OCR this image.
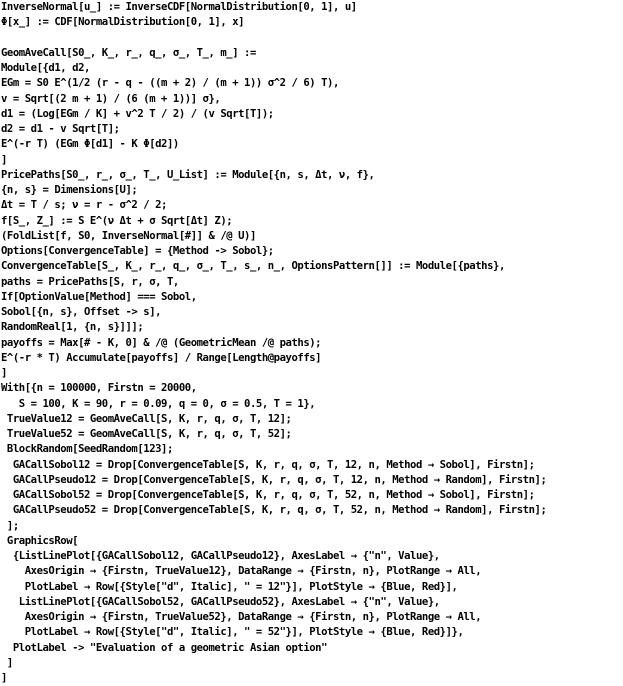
InverseNormal[u_] := InverseCDF[NormalDistribution[0, 1], u]
Φ[x_] := CDF[NormalDistribution[0, 1], x]
GeomAveCall[S0_, K_, r_, q_, σ_, T_, m_] :=
Module[{d1, d2,
EGm = S0 E^(1/2 (r - q - ((m + 2) / (m + 1)) σ^2 / 6) T),
v = Sqrt[(2 m + 1) / (6 (m + 1))] σ},
d1 = (Log[EGm / K] + v^2 T / 2) / (v Sqrt[T]);
d2 = d1 - v Sqrt[T];
E^(-r T) (EGm Φ[d1] - K Φ[d2])
]
PricePaths[S0_, r_, σ_, T_, U_List] := Module[{n, s, Δt, ν, f},
{n, s} = Dimensions[U];
Δt = T / s; ν = r - σ^2 / 2;
f[S_, Z_] := S E^(ν Δt + σ Sqrt[Δt] Z);
(FoldList[f, S0, InverseNormal[#]] & /@ U)]
Options[ConvergenceTable] = {Method -> Sobol};
ConvergenceTable[S_, K_, r_, q_, σ_, T_, s_, n_, OptionsPattern[]] := Module[{paths},
paths = PricePaths[S, r, σ, T,
If[OptionValue[Method] === Sobol,
Sobol[{n, s}, Offset -> s],
RandomReal[1, {n, s}]]];
payoffs = Max[# - K, 0] & /@ (GeometricMean /@ paths);
E^(-r * T) Accumulate[payoffs] / Range[Length@payoffs]
]
With[{n = 100000, Firstn = 20000,
S = 100, K = 90, r = 0.09, q = 0, σ = 0.5, T = 1},
TrueValue12 = GeomAveCall[S, K, r, q, σ, T, 12];
TrueValue52 = GeomAveCall[S, K, r, q, σ, T, 52];
BlockRandom[SeedRandom[123];
GACallSobol12 = Drop[ConvergenceTable[S, K, r, q, σ, T, 12, n, Method → Sobol], Firstn];
GACallPseudo12 = Drop[ConvergenceTable[S, K, r, q, σ, T, 12, n, Method → Random], Firstn];
GACallSobol52 = Drop[ConvergenceTable[S, K, r, q, σ, T, 52, n, Method → Sobol], Firstn];
GACallPseudo52 = Drop[ConvergenceTable[S, K, r, q, σ, T, 52, n, Method → Random], Firstn];
];
GraphicsRow[
{ListLinePlot[{GACallSobol12, GACallPseudo12}, AxesLabel → {"n", Value},
AxesOrigin → {Firstn, TrueValue12}, DataRange → {Firstn, n}, PlotRange → All,
PlotLabel → Row[{Style["d", Italic], " = 12"}], PlotStyle → {Blue, Red}],
ListLinePlot[{GACallSobol52, GACallPseudo52}, AxesLabel → {"n", Value},
AxesOrigin → {Firstn, TrueValue52}, DataRange → {Firstn, n}, PlotRange → All,
PlotLabel → Row[{Style["d", Italic], " = 52"}], PlotStyle → {Blue, Red}]},
PlotLabel -> "Evaluation of a geometric Asian option"
]
]
